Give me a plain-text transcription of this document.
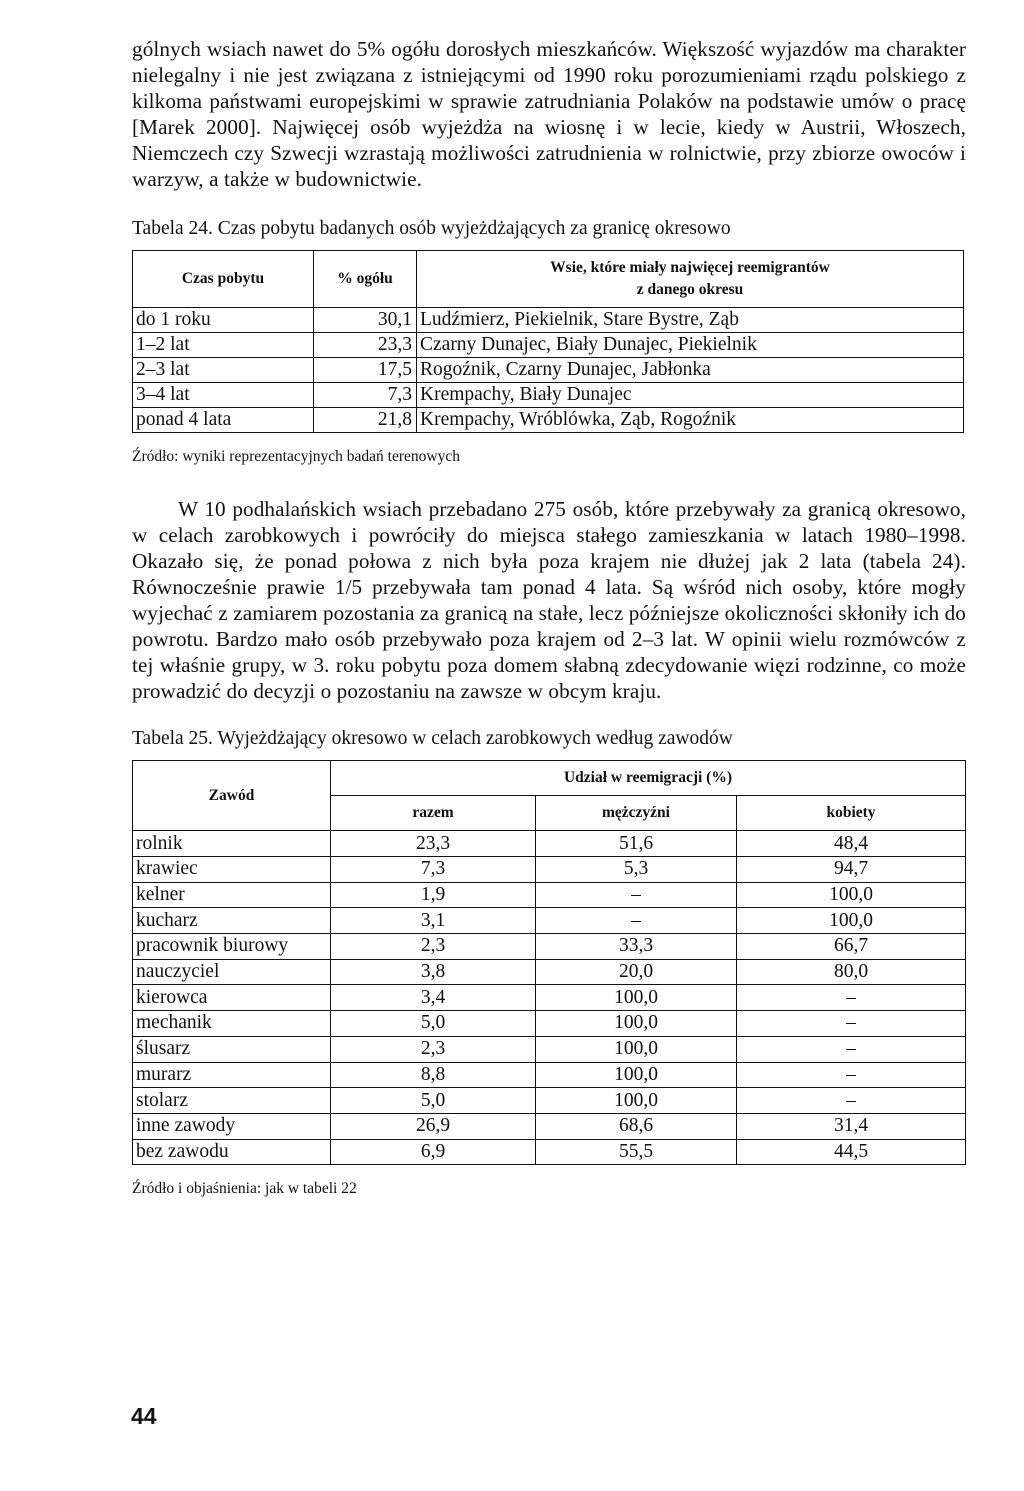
gólnych wsiach nawet do 5% ogółu dorosłych mieszkańców. Większość wyjazdów ma charakter nielegalny i nie jest związana z istniejącymi od 1990 roku porozumieniami rządu polskiego z kilkoma państwami europejskimi w sprawie zatrudniania Polaków na podstawie umów o pracę [Marek 2000]. Najwięcej osób wyjeżdża na wiosnę i w lecie, kiedy w Austrii, Włoszech, Niemczech czy Szwecji wzrastają możliwości zatrudnienia w rolnictwie, przy zbiorze owoców i warzyw, a także w budownictwie.

Tabela 24. Czas pobytu badanych osób wyjeżdżających za granicę okresowo

Czas pobytu	% ogółu	Wsie, które miały najwięcej reemigrantów
z danego okresu
do 1 roku	30,1	Ludźmierz, Piekielnik, Stare Bystre, Ząb
1–2 lat	23,3	Czarny Dunajec, Biały Dunajec, Piekielnik
2–3 lat	17,5	Rogoźnik, Czarny Dunajec, Jabłonka
3–4 lat	7,3	Krempachy, Biały Dunajec
ponad 4 lata	21,8	Krempachy, Wróblówka, Ząb, Rogoźnik

Źródło: wyniki reprezentacyjnych badań terenowych

W 10 podhalańskich wsiach przebadano 275 osób, które przebywały za granicą okresowo, w celach zarobkowych i powróciły do miejsca stałego zamieszkania w latach 1980–1998. Okazało się, że ponad połowa z nich była poza krajem nie dłużej jak 2 lata (tabela 24). Równocześnie prawie 1/5 przebywała tam ponad 4 lata. Są wśród nich osoby, które mogły wyjechać z zamiarem pozostania za granicą na stałe, lecz późniejsze okoliczności skłoniły ich do powrotu. Bardzo mało osób przebywało poza krajem od 2–3 lat. W opinii wielu rozmówców z tej właśnie grupy, w 3. roku pobytu poza domem słabną zdecydowanie więzi rodzinne, co może prowadzić do decyzji o pozostaniu na zawsze w obcym kraju.

Tabela 25. Wyjeżdżający okresowo w celach zarobkowych według zawodów

Zawód	Udział w reemigracji (%)		
	razem	mężczyźni	kobiety
rolnik	23,3	51,6	48,4
krawiec	7,3	5,3	94,7
kelner	1,9	–	100,0
kucharz	3,1	–	100,0
pracownik biurowy	2,3	33,3	66,7
nauczyciel	3,8	20,0	80,0
kierowca	3,4	100,0	–
mechanik	5,0	100,0	–
ślusarz	2,3	100,0	–
murarz	8,8	100,0	–
stolarz	5,0	100,0	–
inne zawody	26,9	68,6	31,4
bez zawodu	6,9	55,5	44,5

Źródło i objaśnienia: jak w tabeli 22

44
